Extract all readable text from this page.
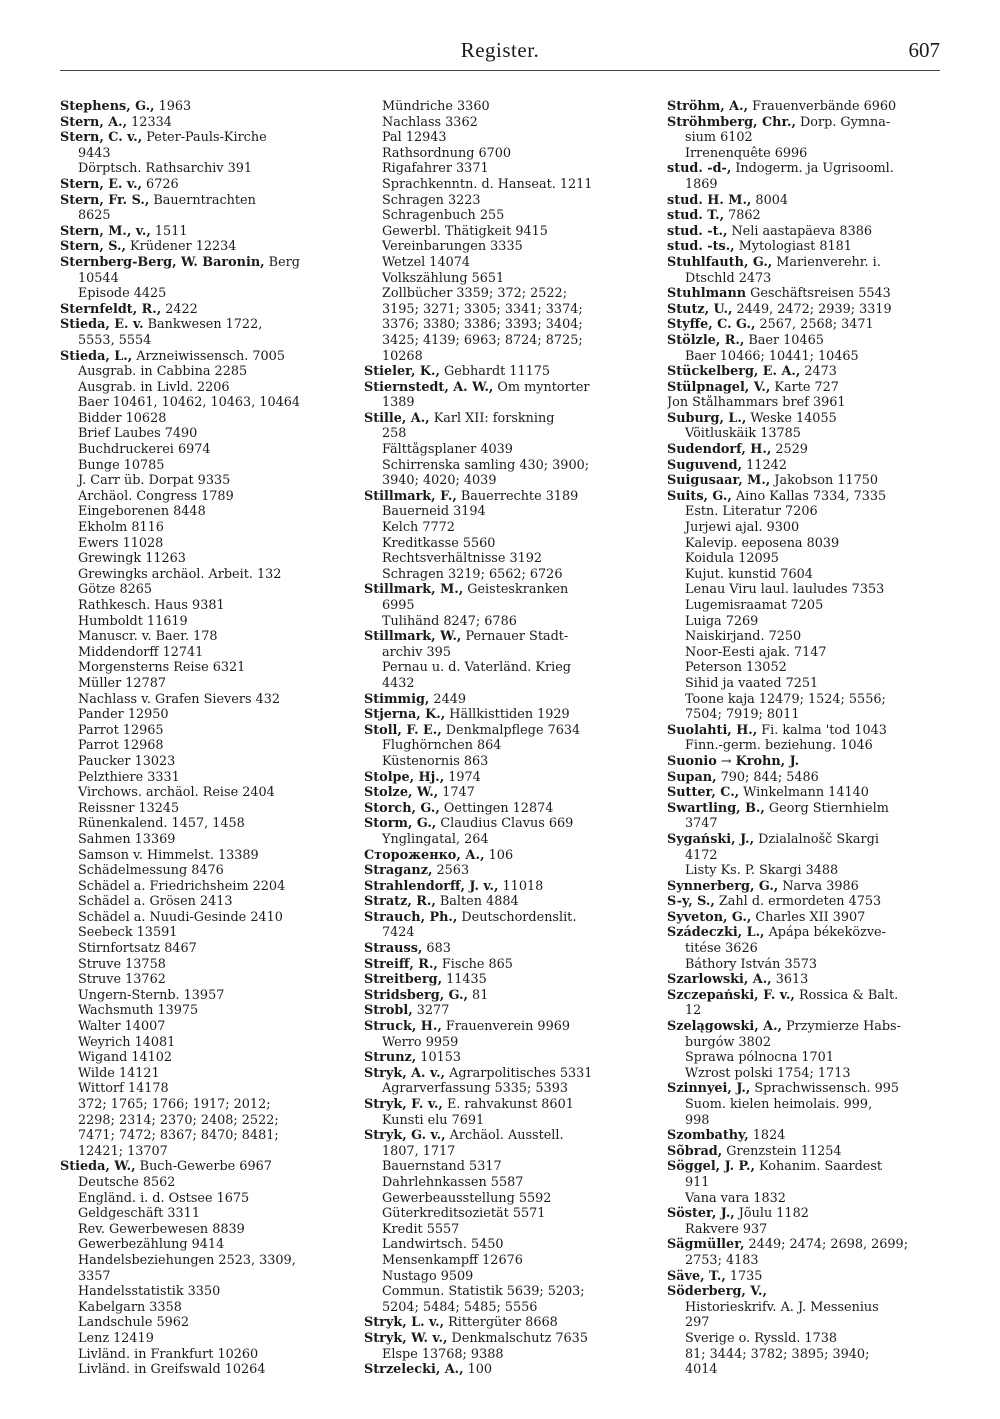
Register.	607
Stephens, G., 1963
Stern, A., 12334
Stern, C. v., Peter-Pauls-Kirche
9443
Dörptsch. Rathsarchiv 391
Stern, E. v., 6726
Stern, Fr. S., Bauerntrachten
8625
Stern, M., v., 1511
Stern, S., Krüdener 12234
Sternberg-Berg, W. Baronin, Berg
10544
Episode 4425
Sternfeldt, R., 2422
Stieda, E. v. Bankwesen 1722,
5553, 5554
Stieda, L., Arzneiwissensch. 7005
Ausgrab. in Cabbina 2285
Ausgrab. in Livld. 2206
Baer 10461, 10462, 10463, 10464
Bidder 10628
Brief Laubes 7490
Buchdruckerei 6974
Bunge 10785
J. Carr üb. Dorpat 9335
Archäol. Congress 1789
Eingeborenen 8448
Ekholm 8116
Ewers 11028
Grewingk 11263
Grewingks archäol. Arbeit. 132
Götze 8265
Rathkesch. Haus 9381
Humboldt 11619
Manuscr. v. Baer. 178
Middendorff 12741
Morgensterns Reise 6321
Müller 12787
Nachlass v. Grafen Sievers 432
Pander 12950
Parrot 12965
Parrot 12968
Paucker 13023
Pelzthiere 3331
Virchows. archäol. Reise 2404
Reissner 13245
Rünenkalend. 1457, 1458
Sahmen 13369
Samson v. Himmelst. 13389
Schädelmessung 8476
Schädel a. Friedrichsheim 2204
Schädel a. Grösen 2413
Schädel a. Nuudi-Gesinde 2410
Seebeck 13591
Stirnfortsatz 8467
Struve 13758
Struve 13762
Ungern-Sternb. 13957
Wachsmuth 13975
Walter 14007
Weyrich 14081
Wigand 14102
Wilde 14121
Wittorf 14178
372; 1765; 1766; 1917; 2012;
2298; 2314; 2370; 2408; 2522;
7471; 7472; 8367; 8470; 8481;
12421; 13707
Stieda, W., Buch-Gewerbe 6967
Deutsche 8562
Engländ. i. d. Ostsee 1675
Geldgeschäft 3311
Rev. Gewerbewesen 8839
Gewerbezählung 9414
Handelsbeziehungen 2523, 3309,
3357
Handelsstatistik 3350
Kabelgarn 3358
Landschule 5962
Lenz 12419
Livländ. in Frankfurt 10260
Livländ. in Greifswald 10264
Mündriche 3360
Nachlass 3362
Pal 12943
Rathsordnung 6700
Rigafahrer 3371
Sprachkenntn. d. Hanseat. 1211
Schragen 3223
Schragenbuch 255
Gewerbl. Thätigkeit 9415
Vereinbarungen 3335
Wetzel 14074
Volkszählung 5651
Zollbücher 3359; 372; 2522;
3195; 3271; 3305; 3341; 3374;
3376; 3380; 3386; 3393; 3404;
3425; 4139; 6963; 8724; 8725;
10268
Stieler, K., Gebhardt 11175
Stiernstedt, A. W., Om myntorter
1389
Stille, A., Karl XII: forskning
258
Fälttågsplaner 4039
Schirrenska samling 430; 3900;
3940; 4020; 4039
Stillmark, F., Bauerrechte 3189
Bauerneid 3194
Kelch 7772
Kreditkasse 5560
Rechtsverhältnisse 3192
Schragen 3219; 6562; 6726
Stillmark, M., Geisteskranken
6995
Tulihänd 8247; 6786
Stillmark, W., Pernauer Stadt-
archiv 395
Pernau u. d. Vaterländ. Krieg
4432
Stimmig, 2449
Stjerna, K., Hällkisttiden 1929
Stoll, F. E., Denkmalpflege 7634
Flughörnchen 864
Küstenornis 863
Stolpe, Hj., 1974
Stolze, W., 1747
Storch, G., Oettingen 12874
Storm, G., Claudius Clavus 669
Ynglingatal, 264
Стороженко, А., 106
Straganz, 2563
Strahlendorff, J. v., 11018
Stratz, R., Balten 4884
Strauch, Ph., Deutschordenslit.
7424
Strauss, 683
Streiff, R., Fische 865
Streitberg, 11435
Stridsberg, G., 81
Strobl, 3277
Struck, H., Frauenverein 9969
Werro 9959
Strunz, 10153
Stryk, A. v., Agrarpolitisches 5331
Agrarverfassung 5335; 5393
Stryk, F. v., E. rahvakunst 8601
Kunsti elu 7691
Stryk, G. v., Archäol. Ausstell.
1807, 1717
Bauernstand 5317
Dahrlehnkassen 5587
Gewerbeausstellung 5592
Güterkreditsozietät 5571
Kredit 5557
Landwirtsch. 5450
Mensenkampff 12676
Nustago 9509
Commun. Statistik 5639; 5203;
5204; 5484; 5485; 5556
Stryk, L. v., Rittergüter 8668
Stryk, W. v., Denkmalschutz 7635
Elspe 13768; 9388
Strzelecki, A., 100
Ströhm, A., Frauenverbände 6960
Ströhmberg, Chr., Dorp. Gymna-
sium 6102
Irrenenquête 6996
stud. -d-, Indogerm. ja Ugrisooml.
1869
stud. H. M., 8004
stud. T., 7862
stud. -t., Neli aastapäeva 8386
stud. -ts., Mytologiast 8181
Stuhlfauth, G., Marienverehr. i.
Dtschld 2473
Stuhlmann Geschäftsreisen 5543
Stutz, U., 2449, 2472; 2939; 3319
Styffe, C. G., 2567, 2568; 3471
Stölzle, R., Baer 10465
Baer 10466; 10441; 10465
Stückelberg, E. A., 2473
Stülpnagel, V., Karte 727
Jon Stålhammars bref 3961
Suburg, L., Weske 14055
Võitluskäik 13785
Sudendorf, H., 2529
Suguvend, 11242
Suigusaar, M., Jakobson 11750
Suits, G., Aino Kallas 7334, 7335
Estn. Literatur 7206
Jurjewi ajal. 9300
Kalevip. eeposena 8039
Koidula 12095
Kujut. kunstid 7604
Lenau Viru laul. lauludes 7353
Lugemisraamat 7205
Luiga 7269
Naiskirjand. 7250
Noor-Eesti ajak. 7147
Peterson 13052
Sihid ja vaated 7251
Toone kaja 12479; 1524; 5556;
7504; 7919; 8011
Suolahti, H., Fi. kalma 'tod 1043
Finn.-germ. beziehung. 1046
Suonio → Krohn, J.
Supan, 790; 844; 5486
Sutter, C., Winkelmann 14140
Swartling, B., Georg Stiernhielm
3747
Sygański, J., Dzialalnošč Skargi
4172
Listy Ks. P. Skargi 3488
Synnerberg, G., Narva 3986
S-y, S., Zahl d. ermordeten 4753
Syveton, G., Charles XII 3907
Szádeczki, L., Apápa békeközve-
titése 3626
Báthory István 3573
Szarlowski, A., 3613
Szczepański, F. v., Rossica & Balt.
12
Szelągowski, A., Przymierze Habs-
burgów 3802
Sprawa pólnocna 1701
Wzrost polski 1754; 1713
Szinnyei, J., Sprachwissensch. 995
Suom. kielen heimolais. 999,
998
Szombathy, 1824
Sõbrad, Grenzstein 11254
Söggel, J. P., Kohanim. Saardest
911
Vana vara 1832
Söster, J., Jõulu 1182
Rakvere 937
Sägmüller, 2449; 2474; 2698, 2699;
2753; 4183
Säve, T., 1735
Söderberg, V.,
Historieskrifv. A. J. Messenius
297
Sverige o. Ryssld. 1738
81; 3444; 3782; 3895; 3940;
4014
